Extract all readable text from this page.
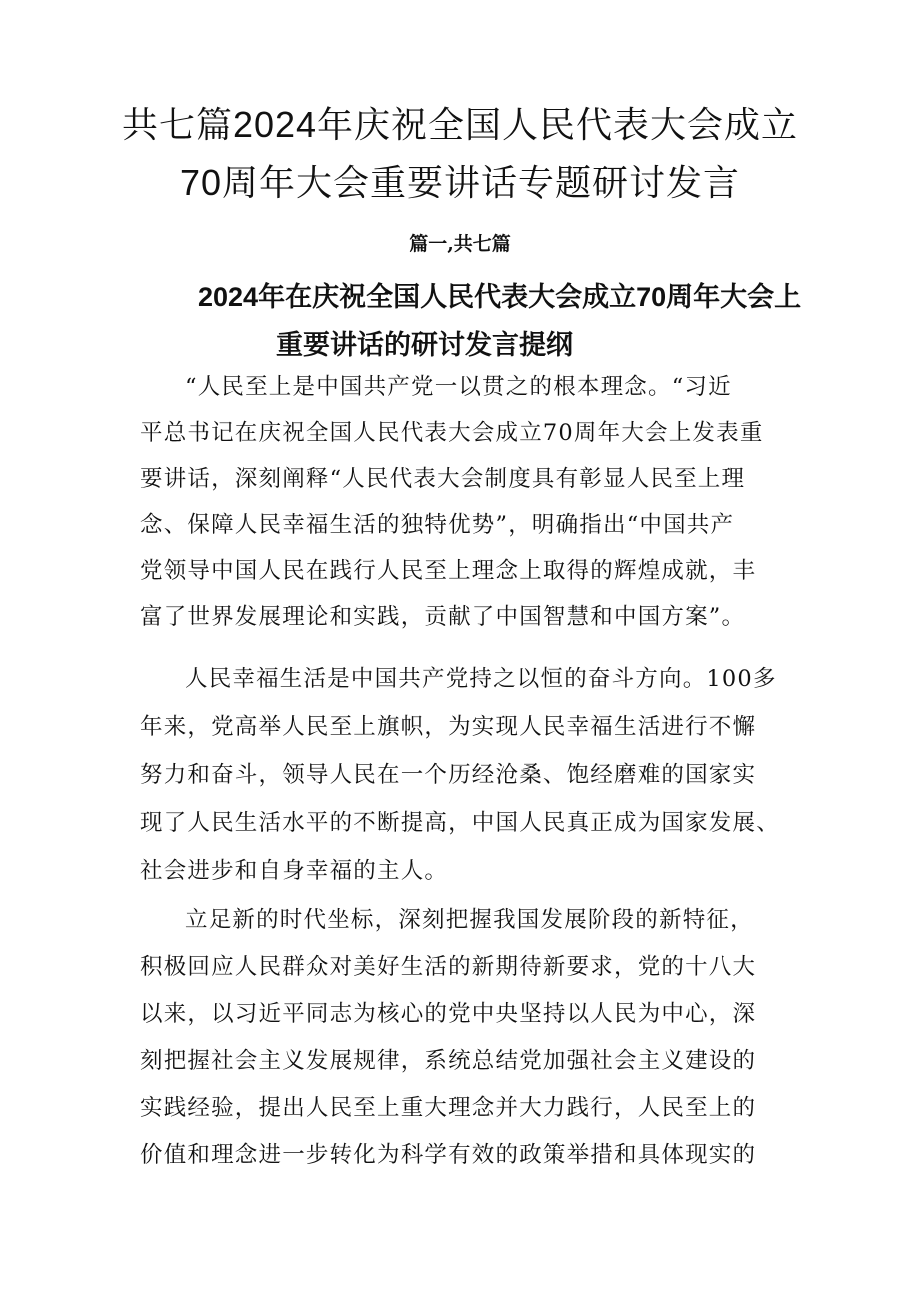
共七篇2024年庆祝全国人民代表大会成立
70周年大会重要讲话专题研讨发言

篇一,共七篇

2024年在庆祝全国人民代表大会成立70周年大会上
重要讲话的研讨发言提纲
“人民至上是中国共产党一以贯之的根本理念。“习近
平总书记在庆祝全国人民代表大会成立70周年大会上发表重
要讲话，深刻阐释“人民代表大会制度具有彰显人民至上理
念、保障人民幸福生活的独特优势”，明确指出“中国共产
党领导中国人民在践行人民至上理念上取得的辉煌成就，丰
富了世界发展理论和实践，贡献了中国智慧和中国方案”。
人民幸福生活是中国共产党持之以恒的奋斗方向。100多
年来，党高举人民至上旗帜，为实现人民幸福生活进行不懈
努力和奋斗，领导人民在一个历经沧桑、饱经磨难的国家实
现了人民生活水平的不断提高，中国人民真正成为国家发展、
社会进步和自身幸福的主人。
立足新的时代坐标，深刻把握我国发展阶段的新特征，
积极回应人民群众对美好生活的新期待新要求，党的十八大
以来，以习近平同志为核心的党中央坚持以人民为中心，深
刻把握社会主义发展规律，系统总结党加强社会主义建设的
实践经验，提出人民至上重大理念并大力践行，人民至上的
价值和理念进一步转化为科学有效的政策举措和具体现实的
